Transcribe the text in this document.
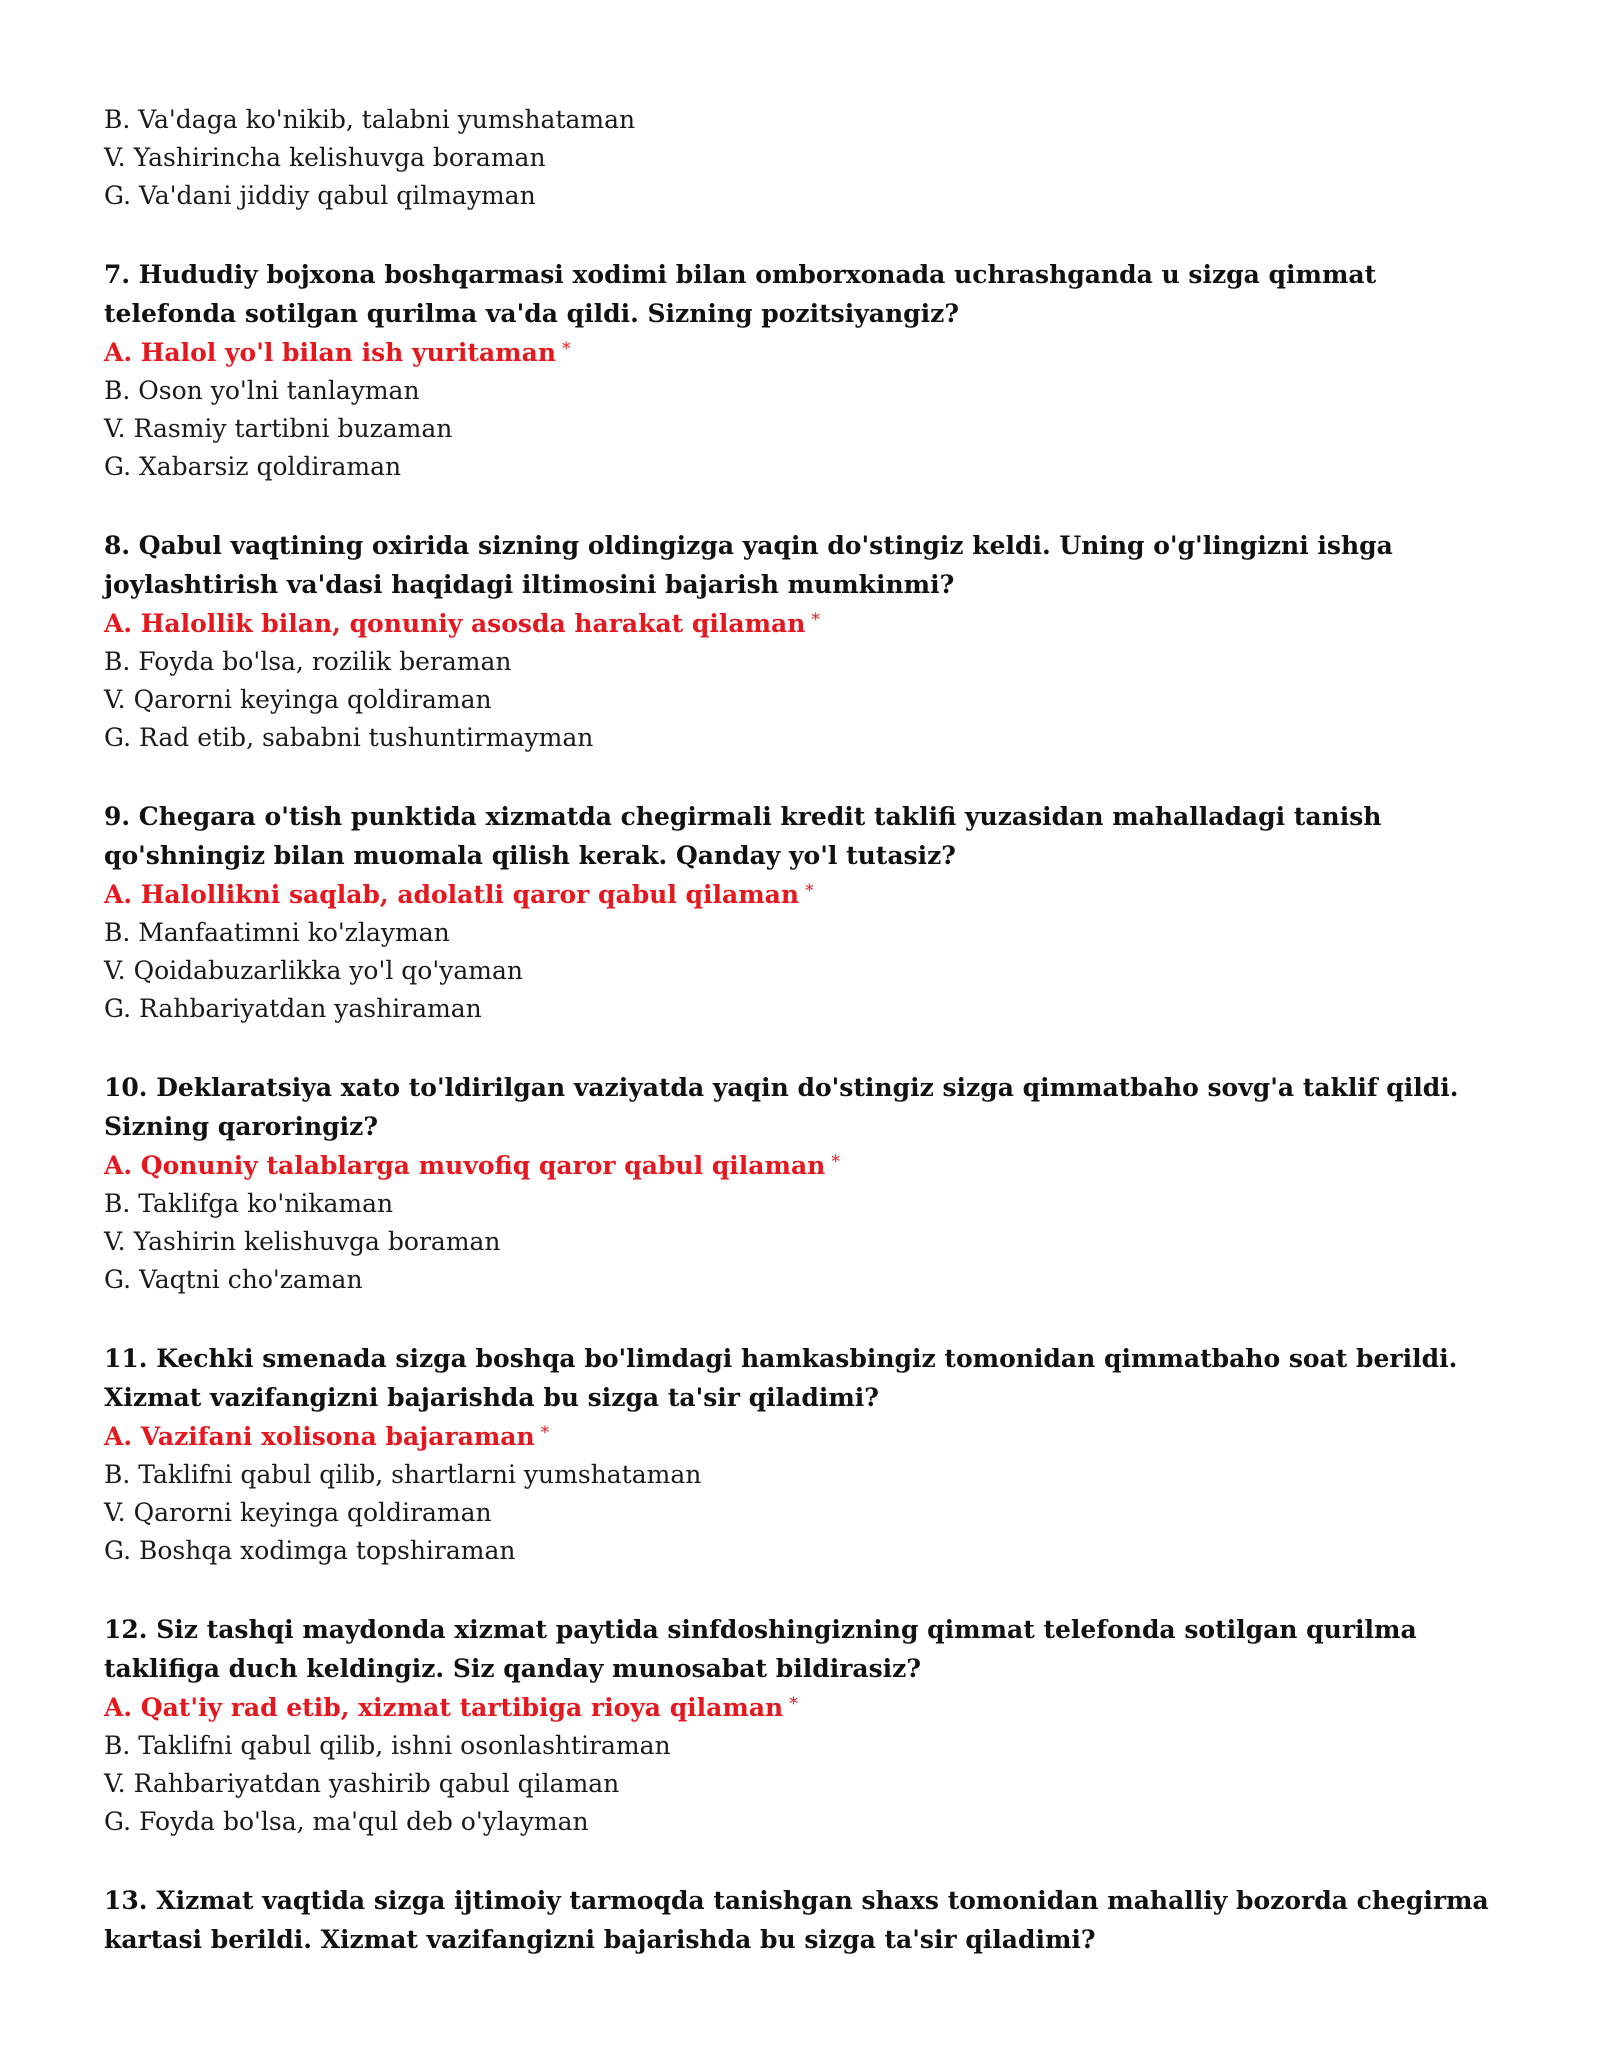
B. Va'daga ko'nikib, talabni yumshataman
V. Yashirincha kelishuvga boraman
G. Va'dani jiddiy qabul qilmayman
7. Hududiy bojxona boshqarmasi xodimi bilan omborxonada uchrashganda u sizga qimmat telefonda sotilgan qurilma va'da qildi. Sizning pozitsiyangiz?
A. Halol yo'l bilan ish yuritaman *
B. Oson yo'lni tanlayman
V. Rasmiy tartibni buzaman
G. Xabarsiz qoldiraman
8. Qabul vaqtining oxirida sizning oldingizga yaqin do'stingiz keldi. Uning o'g'lingizni ishga joylashtirish va'dasi haqidagi iltimosini bajarish mumkinmi?
A. Halollik bilan, qonuniy asosda harakat qilaman *
B. Foyda bo'lsa, rozilik beraman
V. Qarorni keyinga qoldiraman
G. Rad etib, sababni tushuntirmayman
9. Chegara o'tish punktida xizmatda chegirmali kredit taklifi yuzasidan mahalladagi tanish qo'shningiz bilan muomala qilish kerak. Qanday yo'l tutasiz?
A. Halollikni saqlab, adolatli qaror qabul qilaman *
B. Manfaatimni ko'zlayman
V. Qoidabuzarlikka yo'l qo'yaman
G. Rahbariyatdan yashiraman
10. Deklaratsiya xato to'ldirilgan vaziyatda yaqin do'stingiz sizga qimmatbaho sovg'a taklif qildi. Sizning qaroringiz?
A. Qonuniy talablarga muvofiq qaror qabul qilaman *
B. Taklifga ko'nikaman
V. Yashirin kelishuvga boraman
G. Vaqtni cho'zaman
11. Kechki smenada sizga boshqa bo'limdagi hamkasbingiz tomonidan qimmatbaho soat berildi. Xizmat vazifangizni bajarishda bu sizga ta'sir qiladimi?
A. Vazifani xolisona bajaraman *
B. Taklifni qabul qilib, shartlarni yumshataman
V. Qarorni keyinga qoldiraman
G. Boshqa xodimga topshiraman
12. Siz tashqi maydonda xizmat paytida sinfdoshingizning qimmat telefonda sotilgan qurilma taklifiga duch keldingiz. Siz qanday munosabat bildirasiz?
A. Qat'iy rad etib, xizmat tartibiga rioya qilaman *
B. Taklifni qabul qilib, ishni osonlashtiraman
V. Rahbariyatdan yashirib qabul qilaman
G. Foyda bo'lsa, ma'qul deb o'ylayman
13. Xizmat vaqtida sizga ijtimoiy tarmoqda tanishgan shaxs tomonidan mahalliy bozorda chegirma kartasi berildi. Xizmat vazifangizni bajarishda bu sizga ta'sir qiladimi?
